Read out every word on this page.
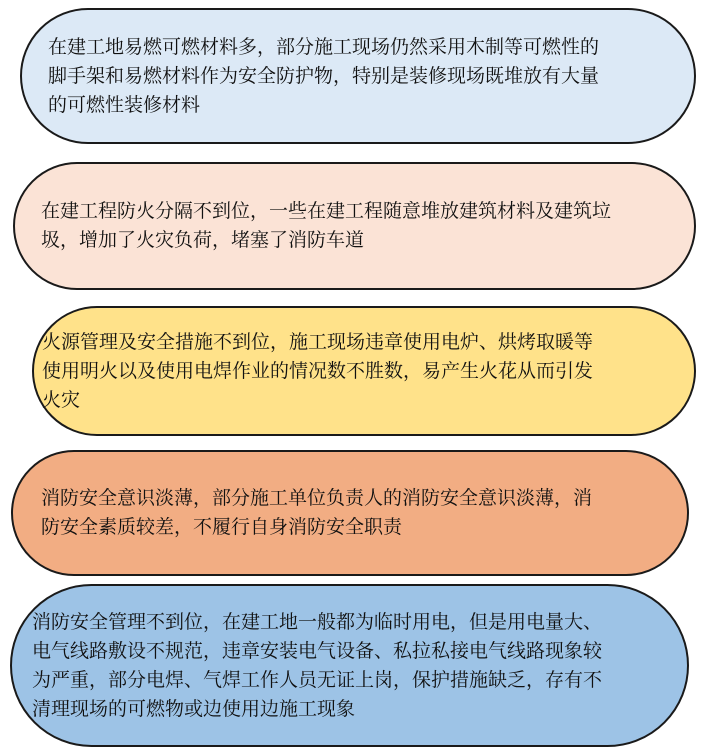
在建工地易燃可燃材料多，部分施工现场仍然采用木制等可燃性的
脚手架和易燃材料作为安全防护物，特别是装修现场既堆放有大量
的可燃性装修材料
在建工程防火分隔不到位，一些在建工程随意堆放建筑材料及建筑垃
圾，增加了火灾负荷，堵塞了消防车道
火源管理及安全措施不到位，施工现场违章使用电炉、烘烤取暖等
使用明火以及使用电焊作业的情况数不胜数，易产生火花从而引发
火灾
消防安全意识淡薄，部分施工单位负责人的消防安全意识淡薄，消
防安全素质较差，不履行自身消防安全职责
消防安全管理不到位，在建工地一般都为临时用电，但是用电量大、
电气线路敷设不规范，违章安装电气设备、私拉私接电气线路现象较
为严重，部分电焊、气焊工作人员无证上岗，保护措施缺乏，存有不
清理现场的可燃物或边使用边施工现象
